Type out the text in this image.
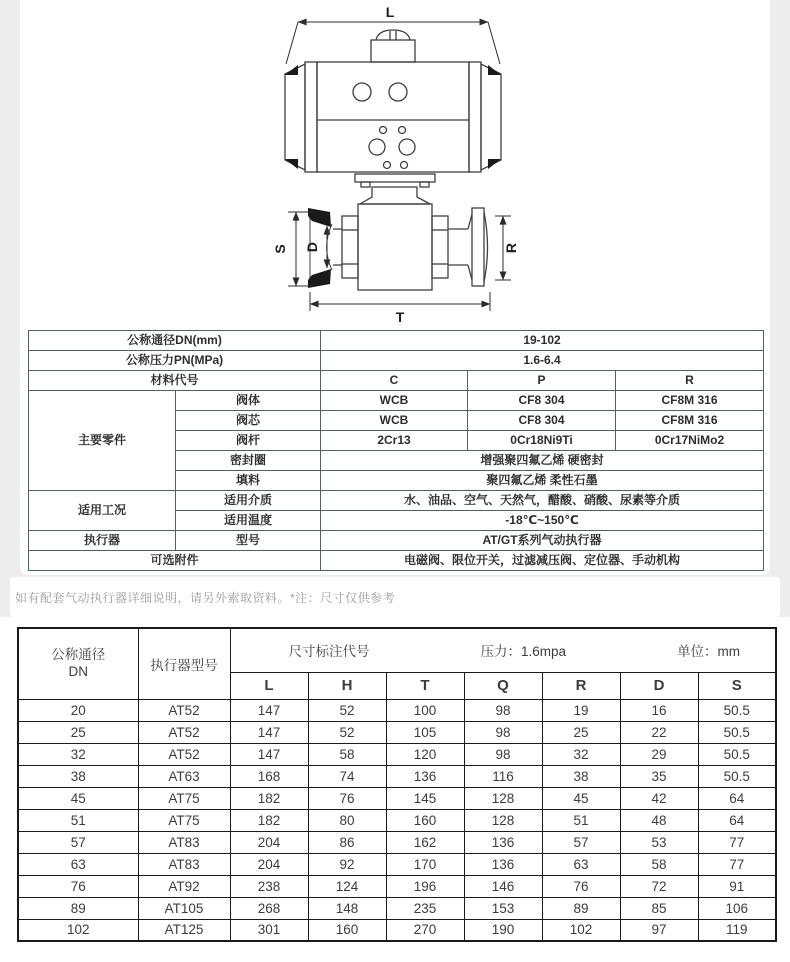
L
S D	R
T
公称通径DN(mm)		19-102		
公称压力PN(MPa)		1.6-6.4		
材料代号		C	P	R
主要零件	阀体	WCB	CF8 304	CF8M 316
	阀芯	WCB	CF8 304	CF8M 316
	阀杆	2Cr13	0Cr18Ni9Ti	0Cr17NiMo2
	密封圈	增强聚四氟乙烯 硬密封		
	填料	聚四氟乙烯 柔性石墨		
适用工况	适用介质	水、油品、空气、天然气，醋酸、硝酸、尿素等介质		
	适用温度	-18℃~150℃		
执行器	型号	AT/GT系列气动执行器		
可选附件		电磁阀、限位开关，过滤减压阀、定位器、手动机构		
如有配套气动执行器详细说明，请另外索取资料。*注：尺寸仅供参考
公称通径
DN	执行器型号	
尺寸标注代号	压力：1.6mpa	单位：mm

		L	H	T	Q	R	D	S
20	AT52	147	52	100	98	19	16	50.5
25	AT52	147	52	105	98	25	22	50.5
32	AT52	147	58	120	98	32	29	50.5
38	AT63	168	74	136	116	38	35	50.5
45	AT75	182	76	145	128	45	42	64
51	AT75	182	80	160	128	51	48	64
57	AT83	204	86	162	136	57	53	77
63	AT83	204	92	170	136	63	58	77
76	AT92	238	124	196	146	76	72	91
89	AT105	268	148	235	153	89	85	106
102	AT125	301	160	270	190	102	97	119
